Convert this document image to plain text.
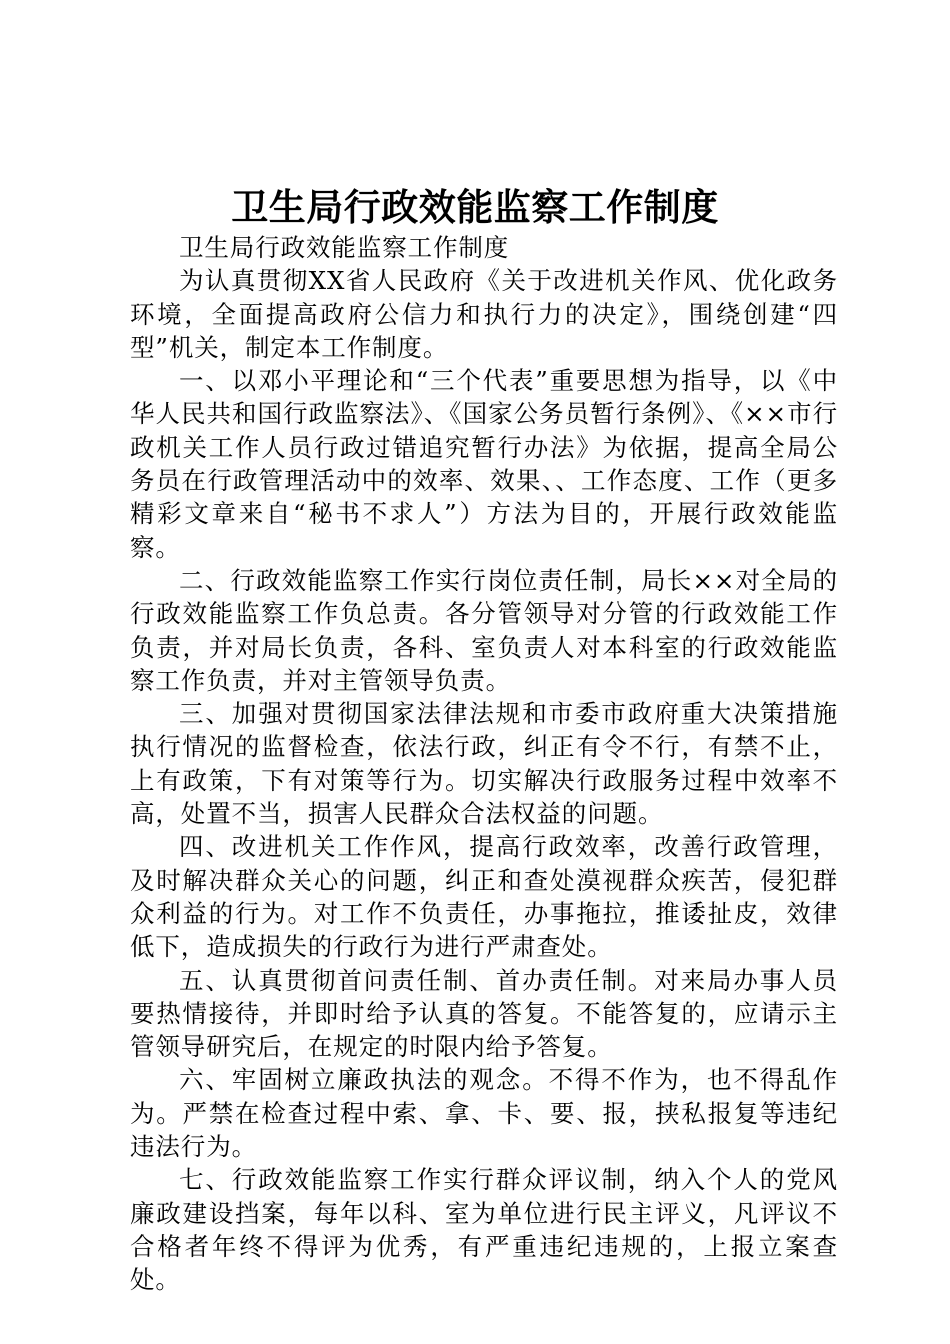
卫生局行政效能监察工作制度

卫生局行政效能监察工作制度

为认真贯彻XX省人民政府《关于改进机关作风、优化政务环境，全面提高政府公信力和执行力的决定》，围绕创建“四型”机关，制定本工作制度。

一、以邓小平理论和“三个代表”重要思想为指导，以《中华人民共和国行政监察法》、《国家公务员暂行条例》、《××市行政机关工作人员行政过错追究暂行办法》为依据，提高全局公务员在行政管理活动中的效率、效果、、工作态度、工作（更多精彩文章来自“秘书不求人”）方法为目的，开展行政效能监察。

二、行政效能监察工作实行岗位责任制，局长××对全局的行政效能监察工作负总责。各分管领导对分管的行政效能工作负责，并对局长负责，各科、室负责人对本科室的行政效能监察工作负责，并对主管领导负责。

三、加强对贯彻国家法律法规和市委市政府重大决策措施执行情况的监督检查，依法行政，纠正有令不行，有禁不止，上有政策，下有对策等行为。切实解决行政服务过程中效率不高，处置不当，损害人民群众合法权益的问题。

四、改进机关工作作风，提高行政效率，改善行政管理，及时解决群众关心的问题，纠正和查处漠视群众疾苦，侵犯群众利益的行为。对工作不负责任，办事拖拉，推诿扯皮，效律低下，造成损失的行政行为进行严肃查处。

五、认真贯彻首问责任制、首办责任制。对来局办事人员要热情接待，并即时给予认真的答复。不能答复的，应请示主管领导研究后，在规定的时限内给予答复。

六、牢固树立廉政执法的观念。不得不作为，也不得乱作为。严禁在检查过程中索、拿、卡、要、报，挟私报复等违纪违法行为。

七、行政效能监察工作实行群众评议制，纳入个人的党风廉政建设挡案，每年以科、室为单位进行民主评义，凡评议不合格者年终不得评为优秀，有严重违纪违规的，上报立案查处。
